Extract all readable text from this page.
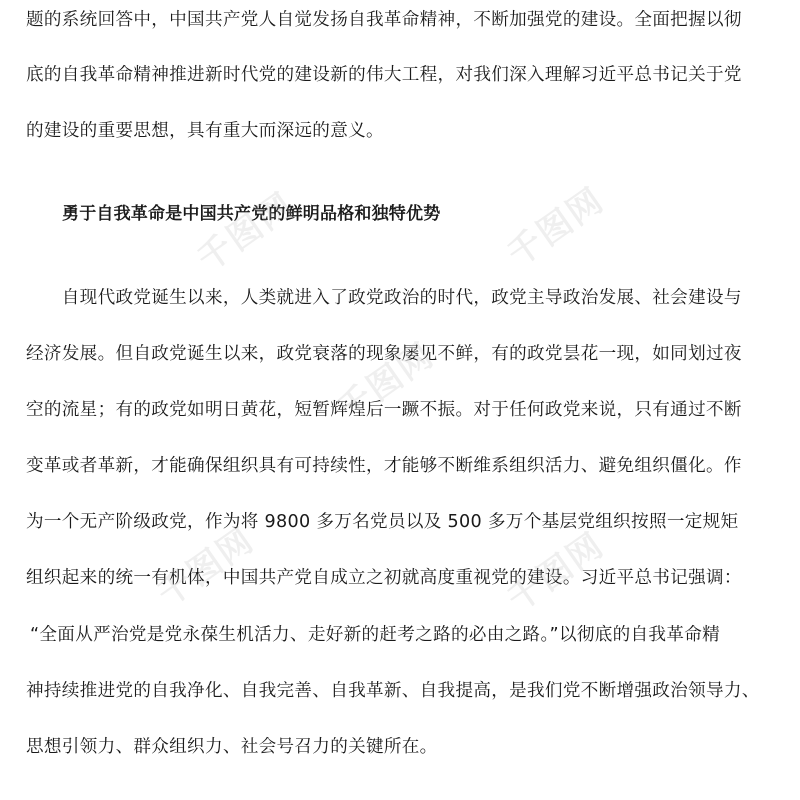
题的系统回答中，中国共产党人自觉发扬自我革命精神，不断加强党的建设。全面把握以彻
底的自我革命精神推进新时代党的建设新的伟大工程，对我们深入理解习近平总书记关于党
的建设的重要思想，具有重大而深远的意义。
勇于自我革命是中国共产党的鲜明品格和独特优势
　　自现代政党诞生以来，人类就进入了政党政治的时代，政党主导政治发展、社会建设与
经济发展。但自政党诞生以来，政党衰落的现象屡见不鲜，有的政党昙花一现，如同划过夜
空的流星；有的政党如明日黄花，短暂辉煌后一蹶不振。对于任何政党来说，只有通过不断
变革或者革新，才能确保组织具有可持续性，才能够不断维系组织活力、避免组织僵化。作
为一个无产阶级政党，作为将 9800 多万名党员以及 500 多万个基层党组织按照一定规矩
组织起来的统一有机体，中国共产党自成立之初就高度重视党的建设。习近平总书记强调：
“全面从严治党是党永葆生机活力、走好新的赶考之路的必由之路。”以彻底的自我革命精
神持续推进党的自我净化、自我完善、自我革新、自我提高，是我们党不断增强政治领导力、
思想引领力、群众组织力、社会号召力的关键所在。
千图网	千图网
千图网
千图网	千图网
